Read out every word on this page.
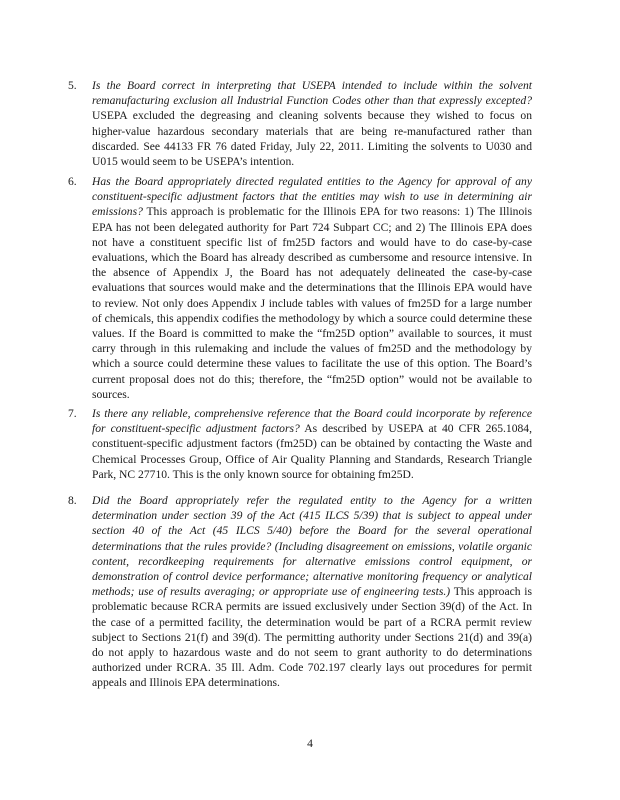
5. Is the Board correct in interpreting that USEPA intended to include within the solvent remanufacturing exclusion all Industrial Function Codes other than that expressly excepted? USEPA excluded the degreasing and cleaning solvents because they wished to focus on higher-value hazardous secondary materials that are being re-manufactured rather than discarded. See 44133 FR 76 dated Friday, July 22, 2011. Limiting the solvents to U030 and U015 would seem to be USEPA’s intention.

6. Has the Board appropriately directed regulated entities to the Agency for approval of any constituent-specific adjustment factors that the entities may wish to use in determining air emissions? This approach is problematic for the Illinois EPA for two reasons: 1) The Illinois EPA has not been delegated authority for Part 724 Subpart CC; and 2) The Illinois EPA does not have a constituent specific list of fm25D factors and would have to do case-by-case evaluations, which the Board has already described as cumbersome and resource intensive. In the absence of Appendix J, the Board has not adequately delineated the case-by-case evaluations that sources would make and the determinations that the Illinois EPA would have to review. Not only does Appendix J include tables with values of fm25D for a large number of chemicals, this appendix codifies the methodology by which a source could determine these values. If the Board is committed to make the “fm25D option” available to sources, it must carry through in this rulemaking and include the values of fm25D and the methodology by which a source could determine these values to facilitate the use of this option. The Board’s current proposal does not do this; therefore, the “fm25D option” would not be available to sources.

7. Is there any reliable, comprehensive reference that the Board could incorporate by reference for constituent-specific adjustment factors? As described by USEPA at 40 CFR 265.1084, constituent-specific adjustment factors (fm25D) can be obtained by contacting the Waste and Chemical Processes Group, Office of Air Quality Planning and Standards, Research Triangle Park, NC 27710. This is the only known source for obtaining fm25D.

8. Did the Board appropriately refer the regulated entity to the Agency for a written determination under section 39 of the Act (415 ILCS 5/39) that is subject to appeal under section 40 of the Act (45 ILCS 5/40) before the Board for the several operational determinations that the rules provide? (Including disagreement on emissions, volatile organic content, recordkeeping requirements for alternative emissions control equipment, or demonstration of control device performance; alternative monitoring frequency or analytical methods; use of results averaging; or appropriate use of engineering tests.) This approach is problematic because RCRA permits are issued exclusively under Section 39(d) of the Act. In the case of a permitted facility, the determination would be part of a RCRA permit review subject to Sections 21(f) and 39(d). The permitting authority under Sections 21(d) and 39(a) do not apply to hazardous waste and do not seem to grant authority to do determinations authorized under RCRA. 35 Ill. Adm. Code 702.197 clearly lays out procedures for permit appeals and Illinois EPA determinations.

4
